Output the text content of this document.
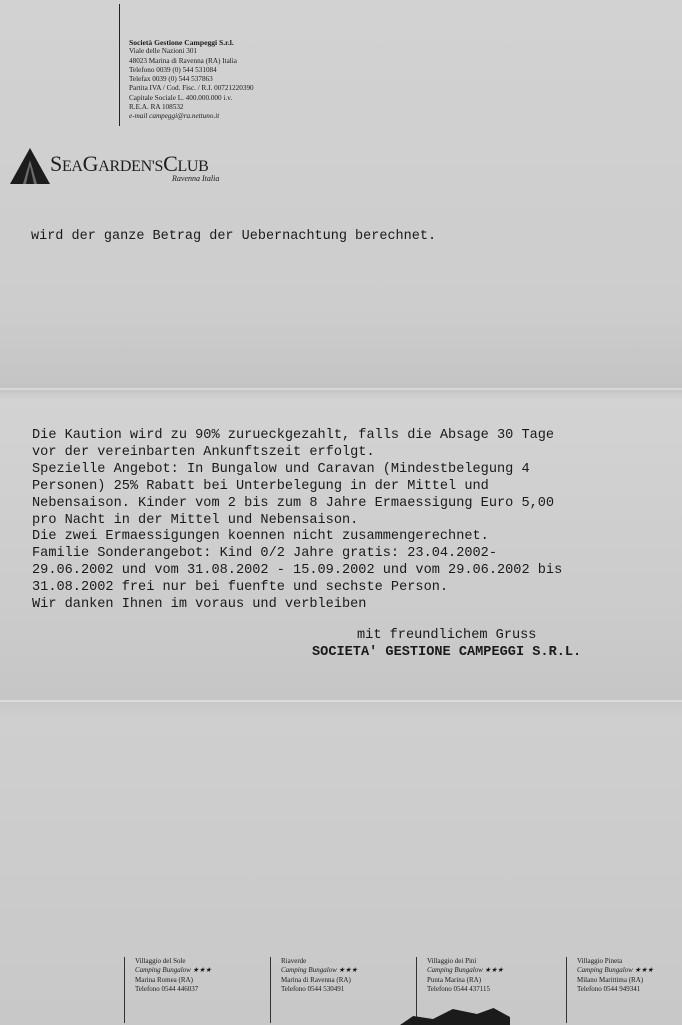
Società Gestione Campeggi S.r.l.
Viale delle Nazioni 301
48023 Marina di Ravenna (RA) Italia
Telefono 0039 (0) 544 531084
Telefax 0039 (0) 544 537863
Partita IVA / Cod. Fisc. / R.I. 00721220390
Capitale Sociale L. 400.000.000 i.v.
R.E.A. RA 108532
e-mail campeggi@ra.nettuno.it
SEAGARDEN'SCLUB
Ravenna Italia
wird der ganze Betrag der Uebernachtung berechnet.
Die Kaution wird zu 90% zurueckgezahlt, falls die Absage 30 Tage
vor der vereinbarten Ankunftszeit erfolgt.
Spezielle Angebot: In Bungalow und Caravan (Mindestbelegung 4
Personen) 25% Rabatt bei Unterbelegung in der Mittel und
Nebensaison. Kinder vom 2 bis zum 8 Jahre Ermaessigung Euro 5,00
pro Nacht in der Mittel und Nebensaison.
Die zwei Ermaessigungen koennen nicht zusammengerechnet.
Familie Sonderangebot: Kind 0/2 Jahre gratis: 23.04.2002-
29.06.2002 und vom 31.08.2002 - 15.09.2002 und vom 29.06.2002 bis
31.08.2002 frei nur bei fuenfte und sechste Person.
Wir danken Ihnen im voraus und verbleiben
mit freundlichem Gruss
SOCIETA' GESTIONE CAMPEGGI S.R.L.
Villaggio del Sole
Camping Bungalow ★★★
Marina Romea (RA)
Telefono 0544 446037
Riaverde
Camping Bungalow ★★★
Marina di Ravenna (RA)
Telefono 0544 530491
Villaggio dei Pini
Camping Bungalow ★★★
Punta Marina (RA)
Telefono 0544 437115
Villaggio Pineta
Camping Bungalow ★★★
Milano Marittima (RA)
Telefono 0544 949341
